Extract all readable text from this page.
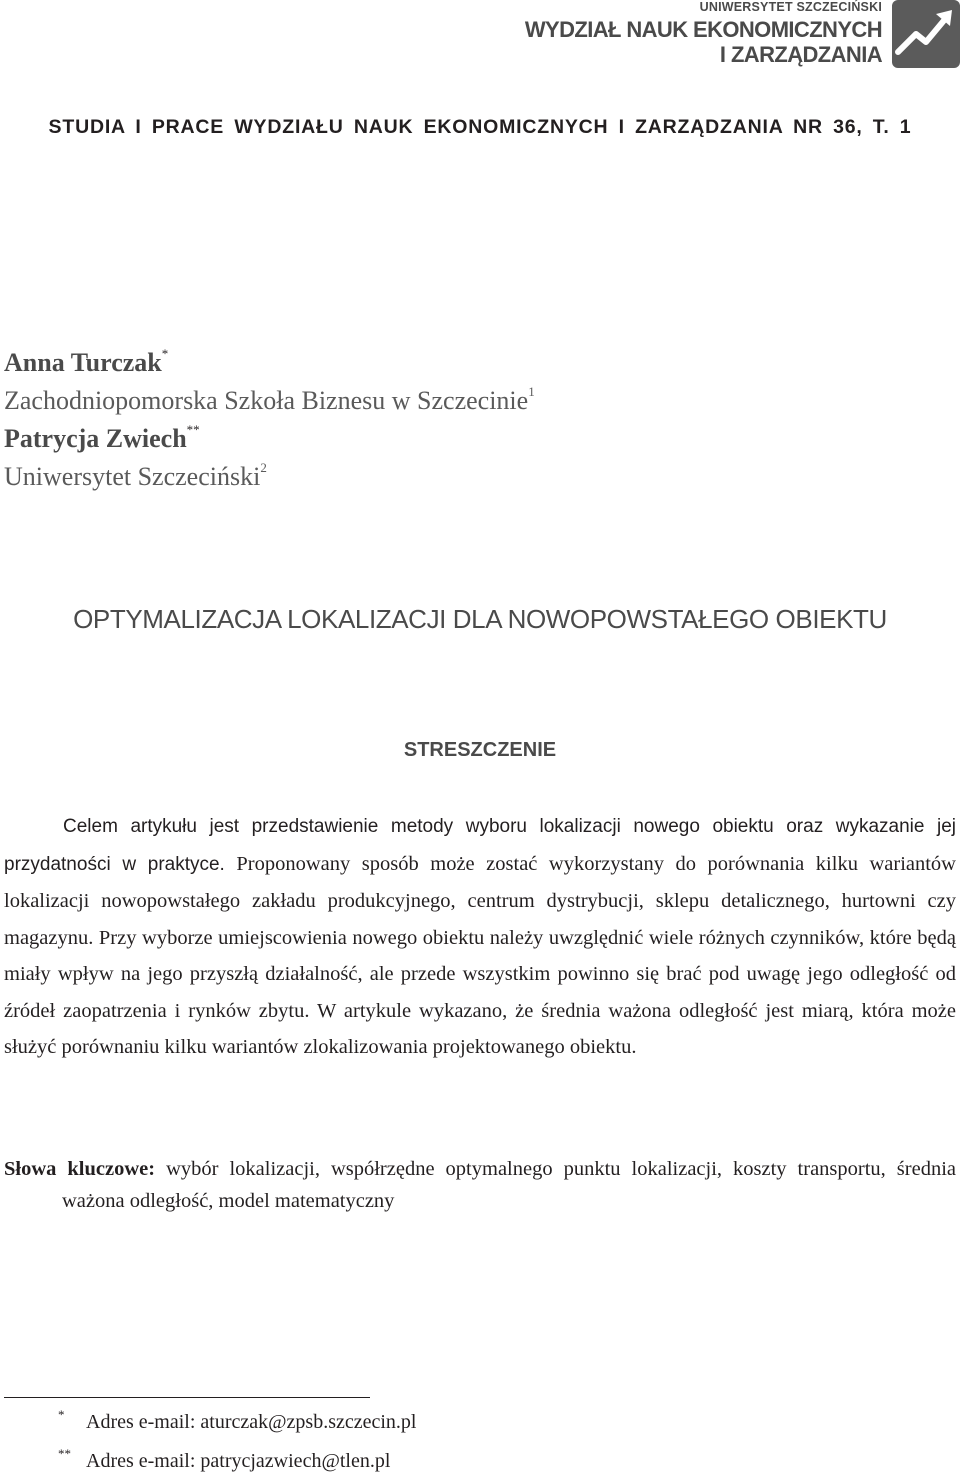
UNIWERSYTET SZCZECIŃSKI
WYDZIAŁ NAUK EKONOMICZNYCH
I ZARZĄDZANIA
STUDIA I PRACE WYDZIAŁU NAUK EKONOMICZNYCH I ZARZĄDZANIA NR 36, T. 1
Anna Turczak*
Zachodniopomorska Szkoła Biznesu w Szczecinie$^1$
Patrycja Zwiech**
Uniwersytet Szczeciński$^2$
OPTYMALIZACJA LOKALIZACJI DLA NOWOPOWSTAŁEGO OBIEKTU
STRESZCZENIE

Celem artykułu jest przedstawienie metody wyboru lokalizacji nowego obiektu oraz wykazanie jej przydatności w praktyce. Proponowany sposób może zostać wykorzystany do porównania kilku wariantów lokalizacji nowopowstałego zakładu produkcyjnego, centrum dystrybucji, sklepu detalicznego, hurtowni czy magazynu. Przy wyborze umiejscowienia nowego obiektu należy uwzględnić wiele różnych czynników, które będą miały wpływ na jego przyszłą działalność, ale przede wszystkim powinno się brać pod uwagę jego odległość od źródeł zaopatrzenia i rynków zbytu. W artykule wykazano, że średnia ważona odległość jest miarą, która może służyć porównaniu kilku wariantów zlokalizowania projektowanego obiektu.

Słowa kluczowe: wybór lokalizacji, współrzędne optymalnego punktu lokalizacji, koszty transportu, średnia ważona odległość, model matematyczny

* Adres e-mail: aturczak@zpsb.szczecin.pl
** Adres e-mail: patrycjazwiech@tlen.pl
